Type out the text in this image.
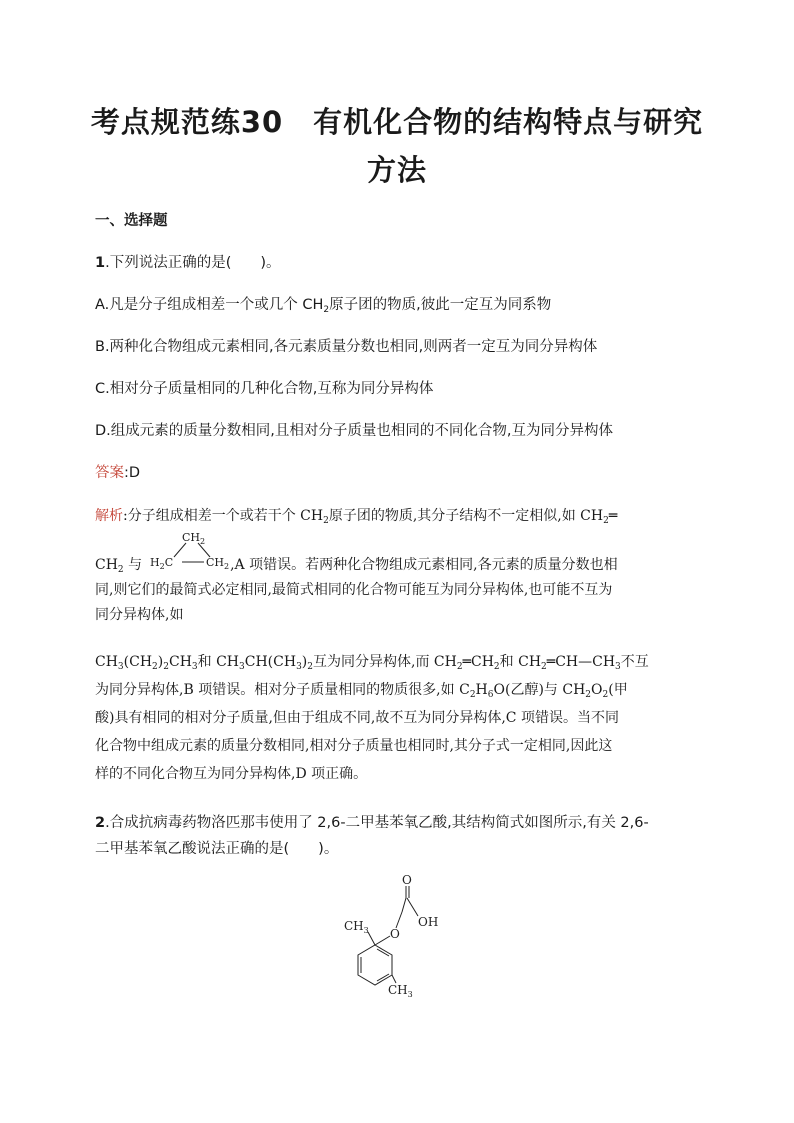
考点规范练30　有机化合物的结构特点与研究
方法
一、选择题
1.下列说法正确的是(　　)。
A.凡是分子组成相差一个或几个 $CH_2$原子团的物质,彼此一定互为同系物
B.两种化合物组成元素相同,各元素质量分数也相同,则两者一定互为同分异构体
C.相对分子质量相同的几种化合物,互称为同分异构体
D.组成元素的质量分数相同,且相对分子质量也相同的不同化合物,互为同分异构体
答案:D
解析:分子组成相差一个或若干个 $CH_2$原子团的物质,其分子结构不一定相似,如 $CH_2═$
$CH_2$ 与	,A 项错误。若两种化合物组成元素相同,各元素的质量分数也相
$CH_2$
$H_2C$	$CH_2$
同,则它们的最简式必定相同,最简式相同的化合物可能互为同分异构体,也可能不互为
同分异构体,如
$CH_3(CH_2)_2CH_3$和 $CH_3CH(CH_3)_2$互为同分异构体,而 $CH_2═CH_2$和 $CH_2═CH—CH_3$不互
为同分异构体,B 项错误。相对分子质量相同的物质很多,如 $C_2H_6O$(乙醇)与 $CH_2O_2$(甲
酸)具有相同的相对分子质量,但由于组成不同,故不互为同分异构体,C 项错误。当不同
化合物中组成元素的质量分数相同,相对分子质量也相同时,其分子式一定相同,因此这
样的不同化合物互为同分异构体,D 项正确。
2.合成抗病毒药物洛匹那韦使用了 2,6-二甲基苯氧乙酸,其结构简式如图所示,有关 2,6-
二甲基苯氧乙酸说法正确的是(　　)。
O
OH
O
$CH_3$
$CH_3$
